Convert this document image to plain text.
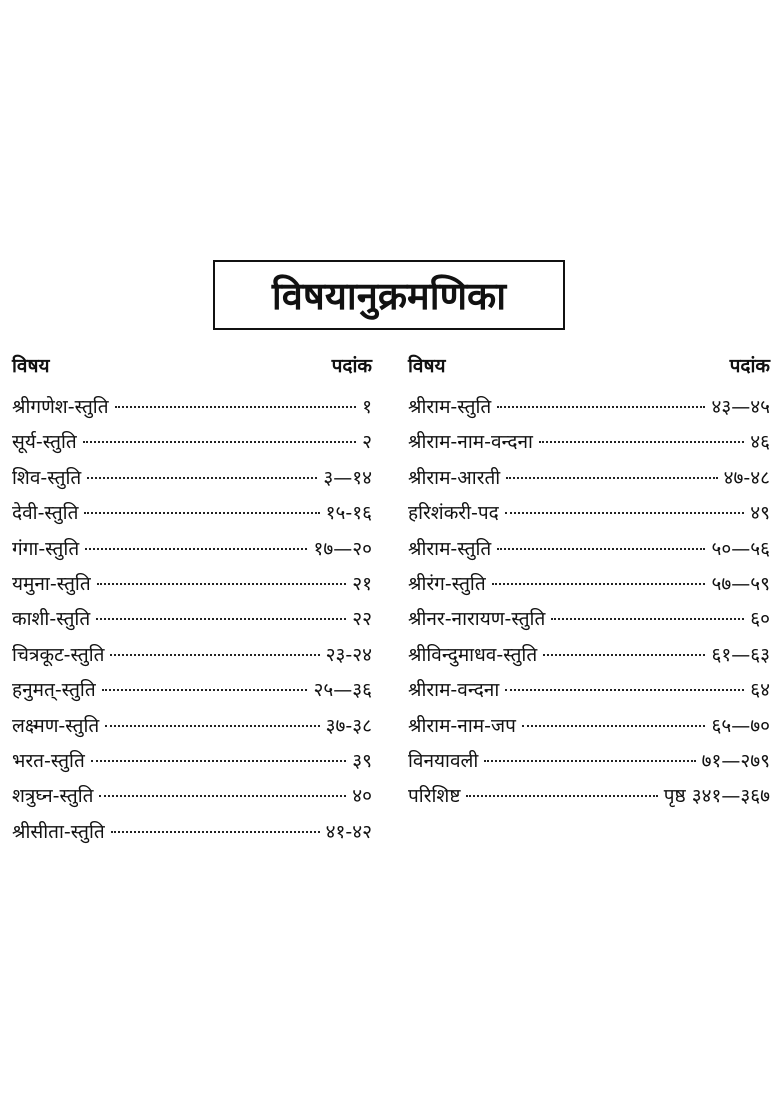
विषयानुक्रमणिका
विषय	पदांक
श्रीगणेश-स्तुति	१
सूर्य-स्तुति	२
शिव-स्तुति	३—१४
देवी-स्तुति	१५-१६
गंगा-स्तुति	१७—२०
यमुना-स्तुति	२१
काशी-स्तुति	२२
चित्रकूट-स्तुति	२३-२४
हनुमत्-स्तुति	२५—३६
लक्ष्मण-स्तुति	३७-३८
भरत-स्तुति	३९
शत्रुघ्न-स्तुति	४०
श्रीसीता-स्तुति	४१-४२
विषय	पदांक
श्रीराम-स्तुति	४३—४५
श्रीराम-नाम-वन्दना	४६
श्रीराम-आरती	४७-४८
हरिशंकरी-पद	४९
श्रीराम-स्तुति	५०—५६
श्रीरंग-स्तुति	५७—५९
श्रीनर-नारायण-स्तुति	६०
श्रीविन्दुमाधव-स्तुति	६१—६३
श्रीराम-वन्दना	६४
श्रीराम-नाम-जप	६५—७०
विनयावली	७१—२७९
परिशिष्ट	पृष्ठ ३४१—३६७
